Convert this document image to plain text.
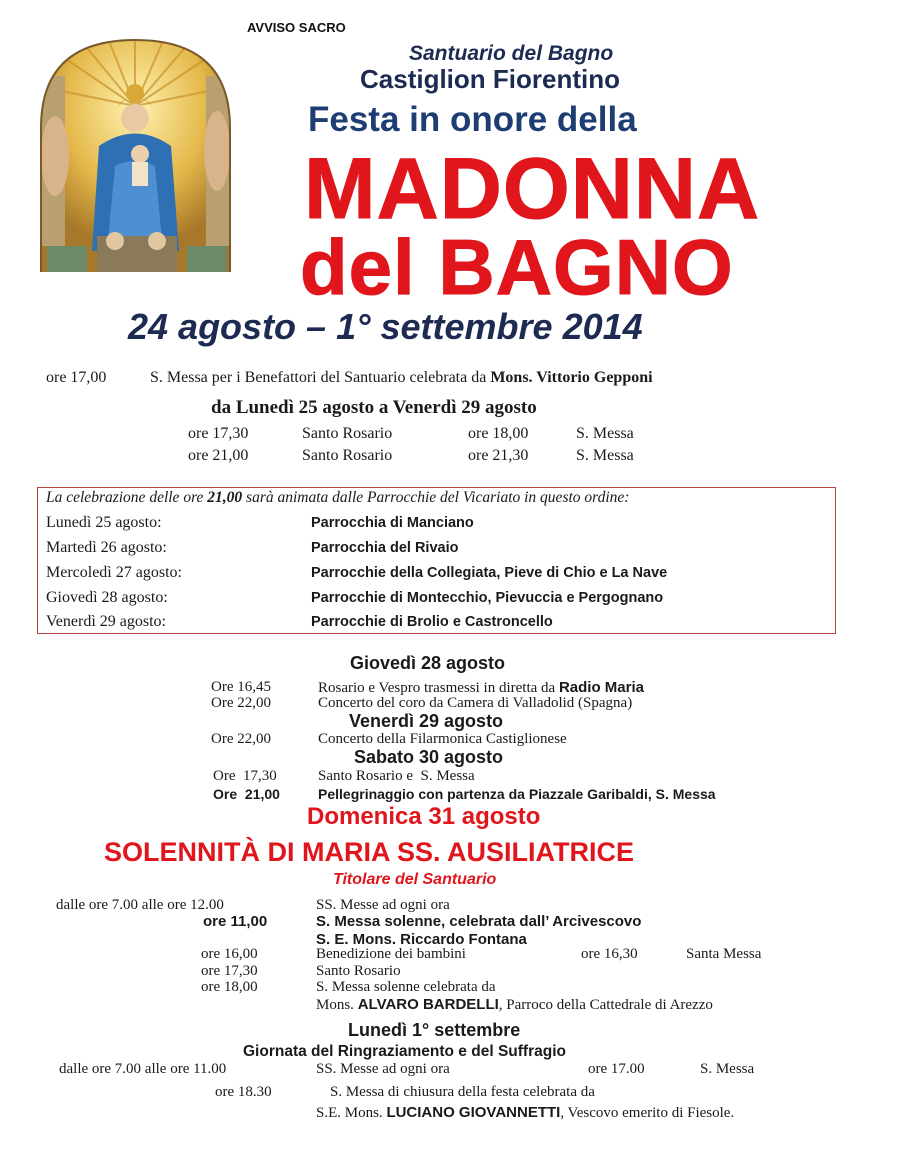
AVVISO SACRO
Santuario del Bagno
Castiglion Fiorentino
Festa in onore della
MADONNA
del BAGNO
24 agosto – 1° settembre 2014
ore 17,00	S. Messa per i Benefattori del Santuario celebrata da Mons. Vittorio Gepponi
da Lunedì 25 agosto a Venerdì 29 agosto
ore 17,30	Santo Rosario	ore 18,00	S. Messa
ore 21,00	Santo Rosario	ore 21,30	S. Messa
La celebrazione delle ore 21,00 sarà animata dalle Parrocchie del Vicariato in questo ordine:
Lunedì 25 agosto:	Parrocchia di Manciano
Martedì 26 agosto:	Parrocchia del Rivaio
Mercoledì 27 agosto:	Parrocchie della Collegiata, Pieve di Chio e La Nave
Giovedì 28 agosto:	Parrocchie di Montecchio, Pievuccia e Pergognano
Venerdì 29 agosto:	Parrocchie di Brolio e Castroncello
Giovedì 28 agosto
Ore 16,45	Rosario e Vespro trasmessi in diretta da Radio Maria
Ore 22,00	Concerto del coro da Camera di Valladolid (Spagna)
Venerdì 29 agosto
Ore 22,00	Concerto della Filarmonica Castiglionese
Sabato 30 agosto
Ore  17,30	Santo Rosario e  S. Messa
Ore  21,00	Pellegrinaggio con partenza da Piazzale Garibaldi, S. Messa
Domenica 31 agosto
SOLENNITÀ DI MARIA SS. AUSILIATRICE
Titolare del Santuario
dalle ore 7.00 alle ore 12.00	SS. Messe ad ogni ora
ore 11,00	S. Messa solenne, celebrata dall’ Arcivescovo
S. E. Mons. Riccardo Fontana
ore 16,00	Benedizione dei bambini	ore 16,30	Santa Messa
ore 17,30	Santo Rosario
ore 18,00	S. Messa solenne celebrata da
Mons. ALVARO BARDELLI, Parroco della Cattedrale di Arezzo
Lunedì 1° settembre
Giornata del Ringraziamento e del Suffragio
dalle ore 7.00 alle ore 11.00	SS. Messe ad ogni ora	ore 17.00	S. Messa
ore 18.30	S. Messa di chiusura della festa celebrata da
S.E. Mons. LUCIANO GIOVANNETTI, Vescovo emerito di Fiesole.
